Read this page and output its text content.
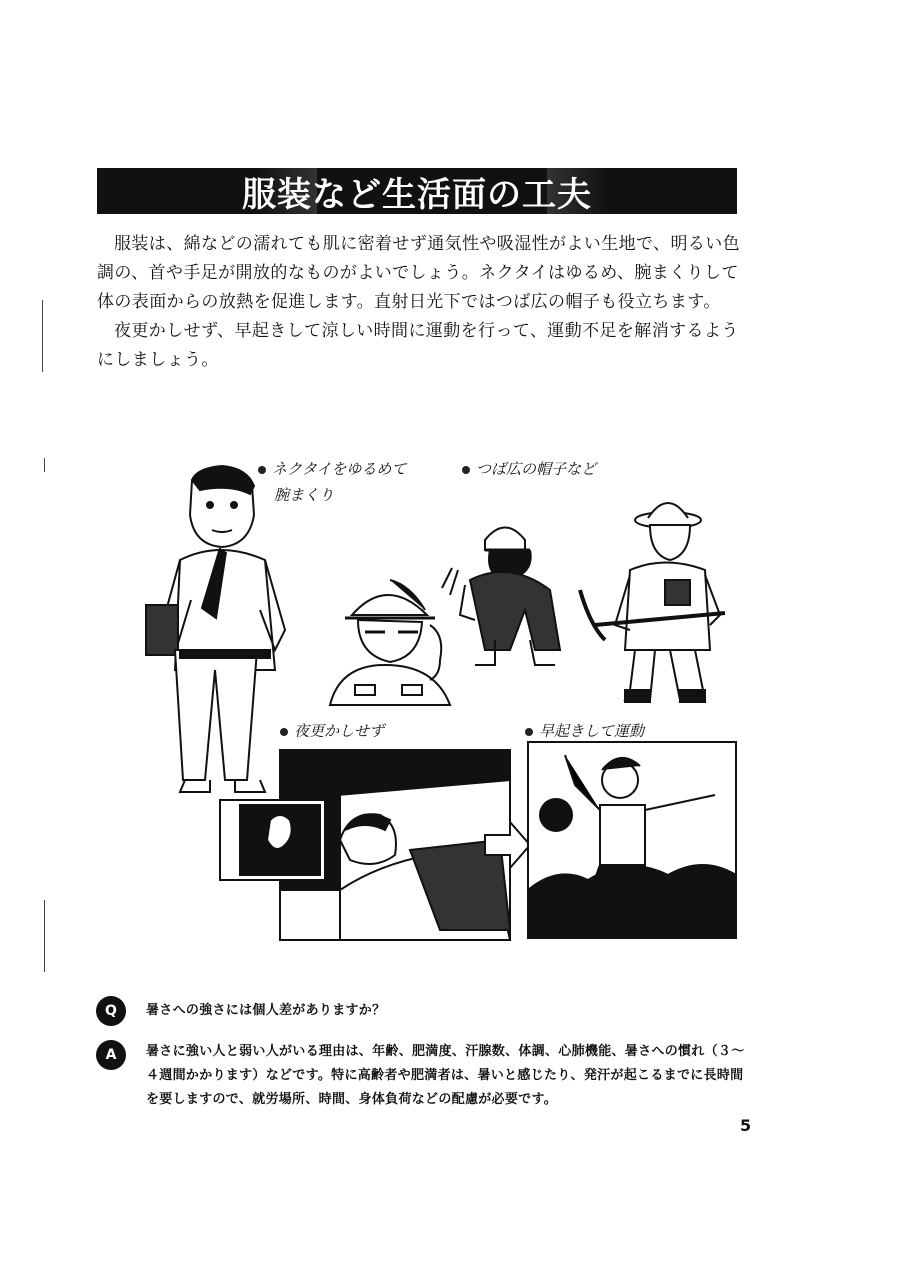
服装など生活面の工夫

服装は、綿などの濡れても肌に密着せず通気性や吸湿性がよい生地で、明るい色調の、首や手足が開放的なものがよいでしょう。ネクタイはゆるめ、腕まくりして体の表面からの放熱を促進します。直射日光下ではつば広の帽子も役立ちます。

夜更かしせず、早起きして涼しい時間に運動を行って、運動不足を解消するようにしましょう。

ネクタイをゆるめて
腕まくり
つば広の帽子など
夜更かしせず	早起きして運動
Q	暑さへの強さには個人差がありますか？
A	暑さに強い人と弱い人がいる理由は、年齢、肥満度、汗腺数、体調、心肺機能、暑さへの慣れ（３～４週間かかります）などです。特に高齢者や肥満者は、暑いと感じたり、発汗が起こるまでに長時間を要しますので、就労場所、時間、身体負荷などの配慮が必要です。
5
